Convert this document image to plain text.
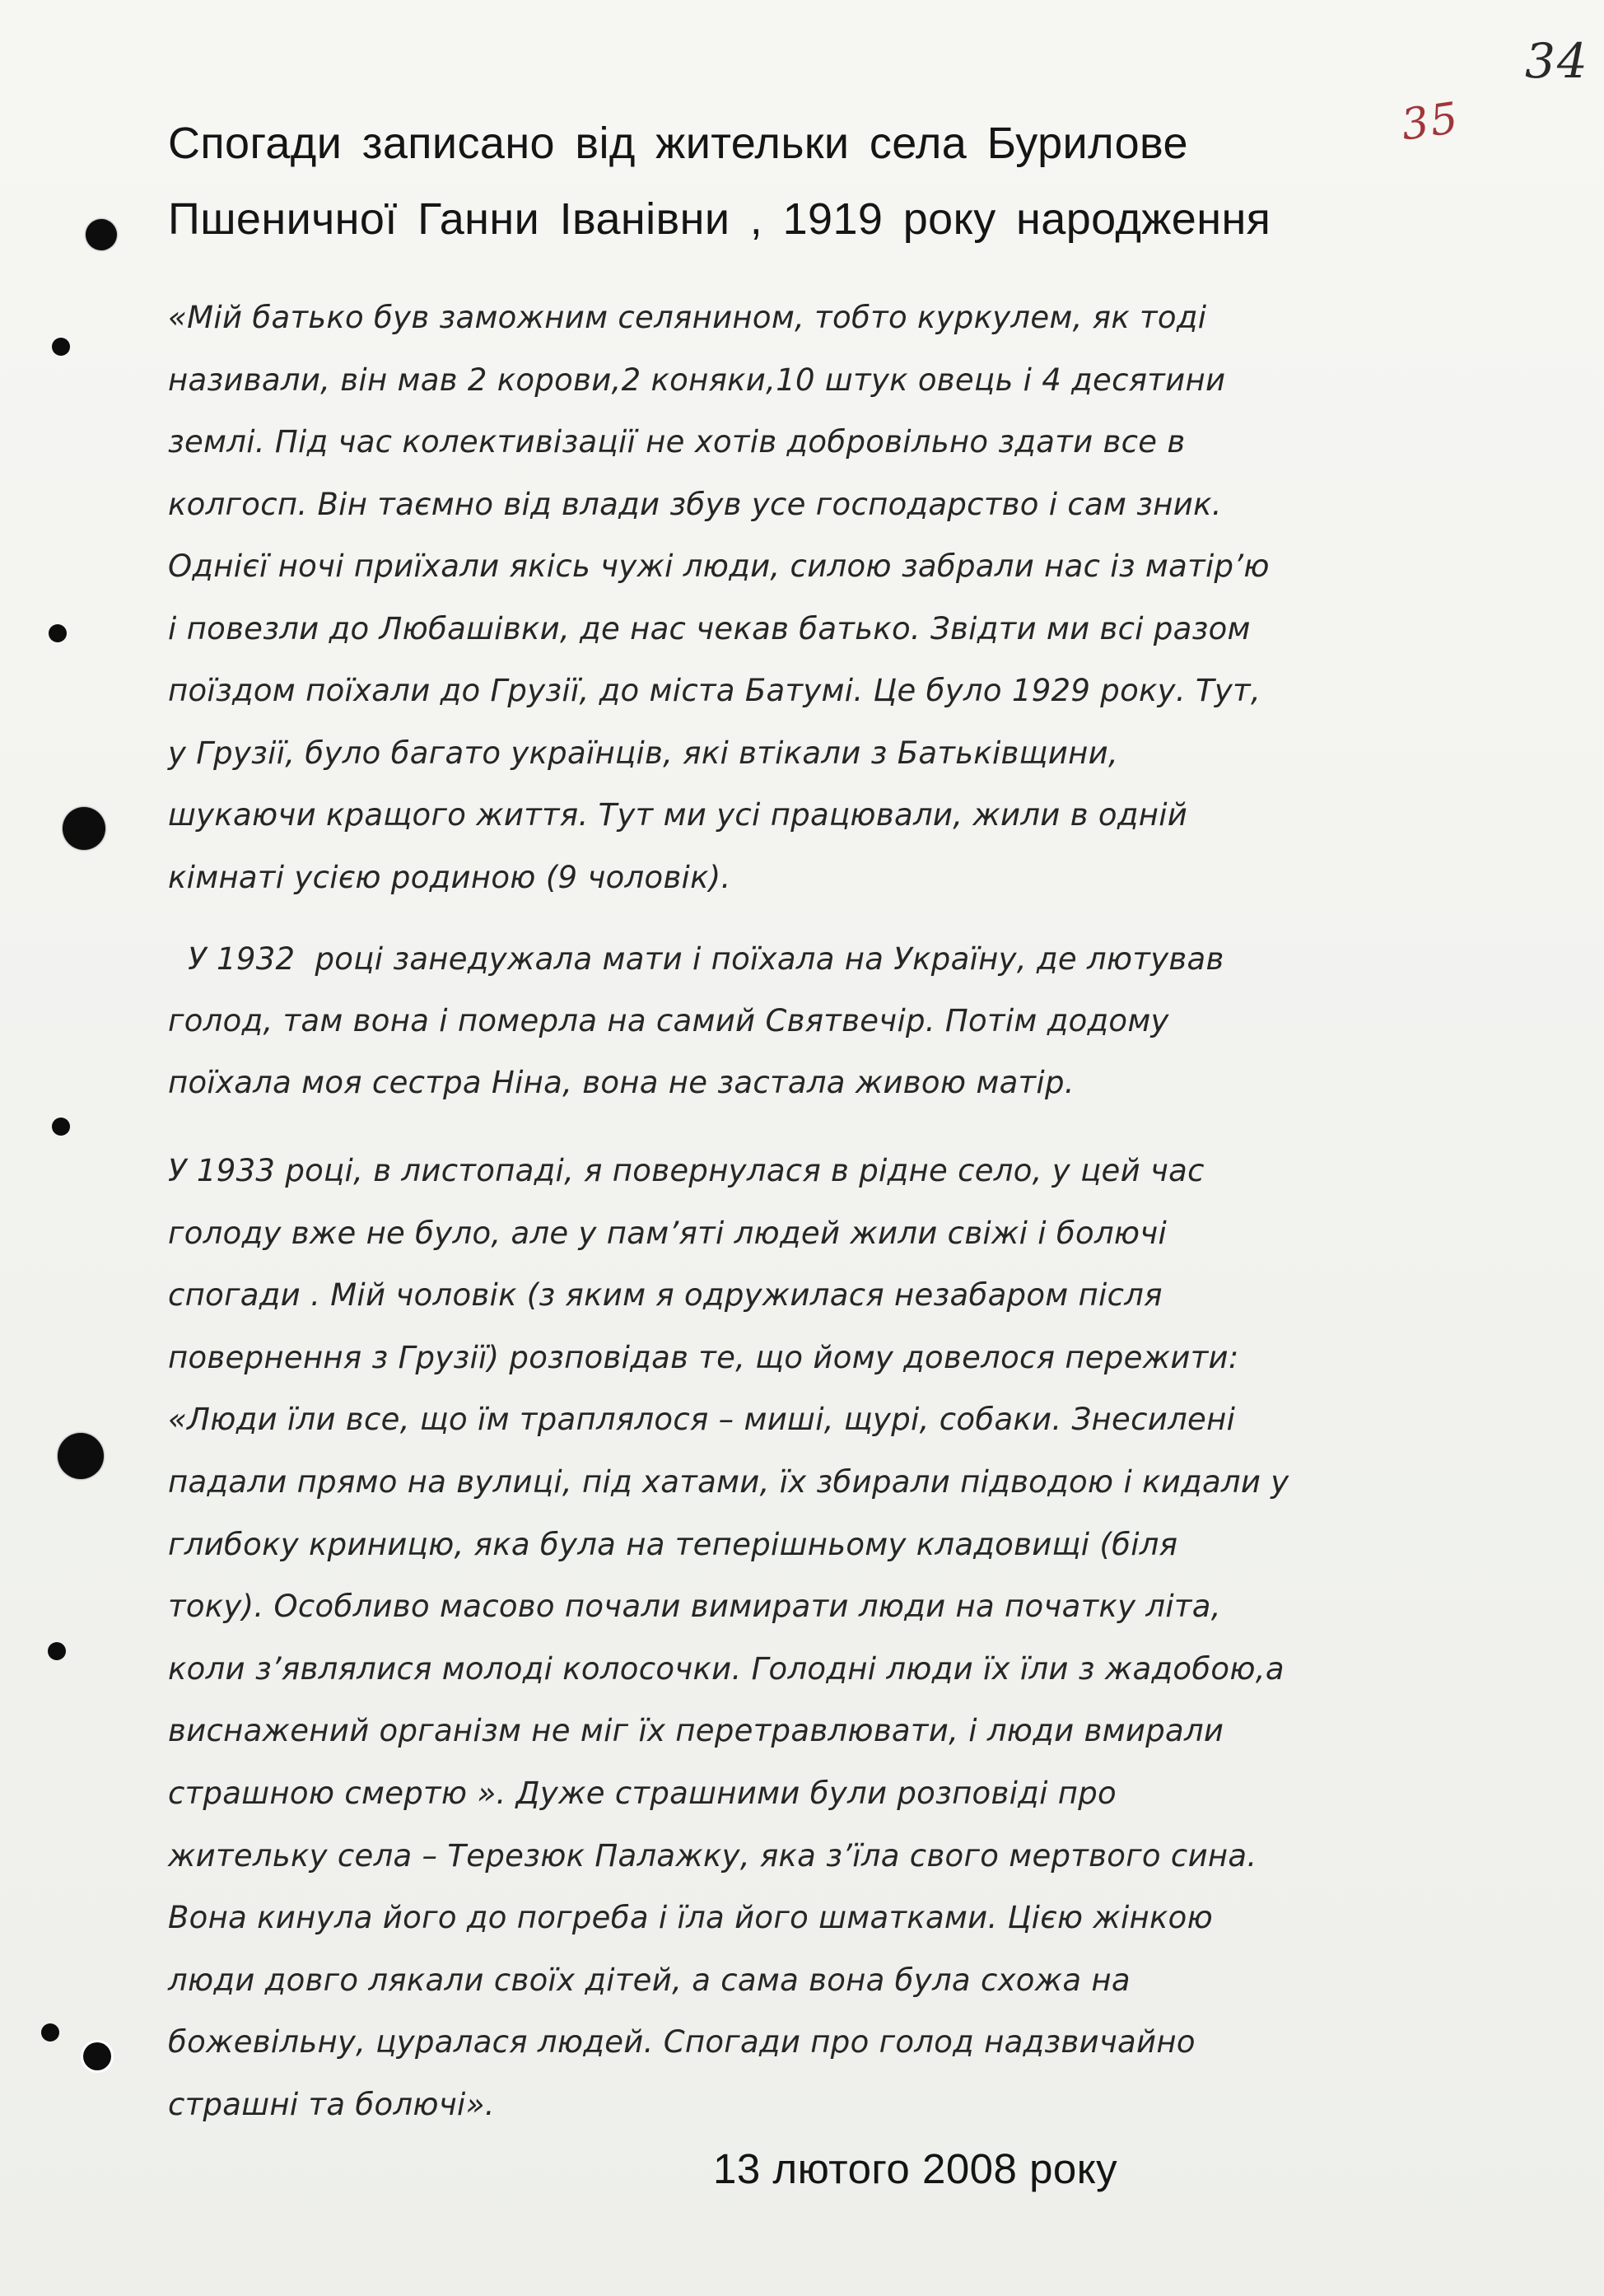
34
35
Спогади записано від жительки села Бурилове
Пшеничної Ганни Іванівни , 1919 року народження
«Мій батько був заможним селянином, тобто куркулем, як тоді
називали, він мав 2 корови,2 коняки,10 штук овець і 4 десятини
землі. Під час колективізації не хотів добровільно здати все в
колгосп. Він таємно від влади збув усе господарство і сам зник.
Однієї ночі приїхали якісь чужі люди, силою забрали нас із матір’ю
і повезли до Любашівки, де нас чекав батько. Звідти ми всі разом
поїздом поїхали до Грузії, до міста Батумі. Це було 1929 року. Тут,
у Грузії, було багато українців, які втікали з Батьківщини,
шукаючи кращого життя. Тут ми усі працювали, жили в одній
кімнаті усією родиною (9 чоловік).
У 1932  році занедужала мати і поїхала на Україну, де лютував
голод, там вона і померла на самий Святвечір. Потім додому
поїхала моя сестра Ніна, вона не застала живою матір.
У 1933 році, в листопаді, я повернулася в рідне село, у цей час
голоду вже не було, але у пам’яті людей жили свіжі і болючі
спогади . Мій чоловік (з яким я одружилася незабаром після
повернення з Грузії) розповідав те, що йому довелося пережити:
«Люди їли все, що їм траплялося – миші, щурі, собаки. Знесилені
падали прямо на вулиці, під хатами, їх збирали підводою і кидали у
глибоку криницю, яка була на теперішньому кладовищі (біля
току). Особливо масово почали вимирати люди на початку літа,
коли з’являлися молоді колосочки. Голодні люди їх їли з жадобою,а
виснажений організм не міг їх перетравлювати, і люди вмирали
страшною смертю ». Дуже страшними були розповіді про
жительку села – Терезюк Палажку, яка з’їла свого мертвого сина.
Вона кинула його до погреба і їла його шматками. Цією жінкою
люди довго лякали своїх дітей, а сама вона була схожа на
божевільну, цуралася людей. Спогади про голод надзвичайно
страшні та болючі».
13 лютого 2008 року
